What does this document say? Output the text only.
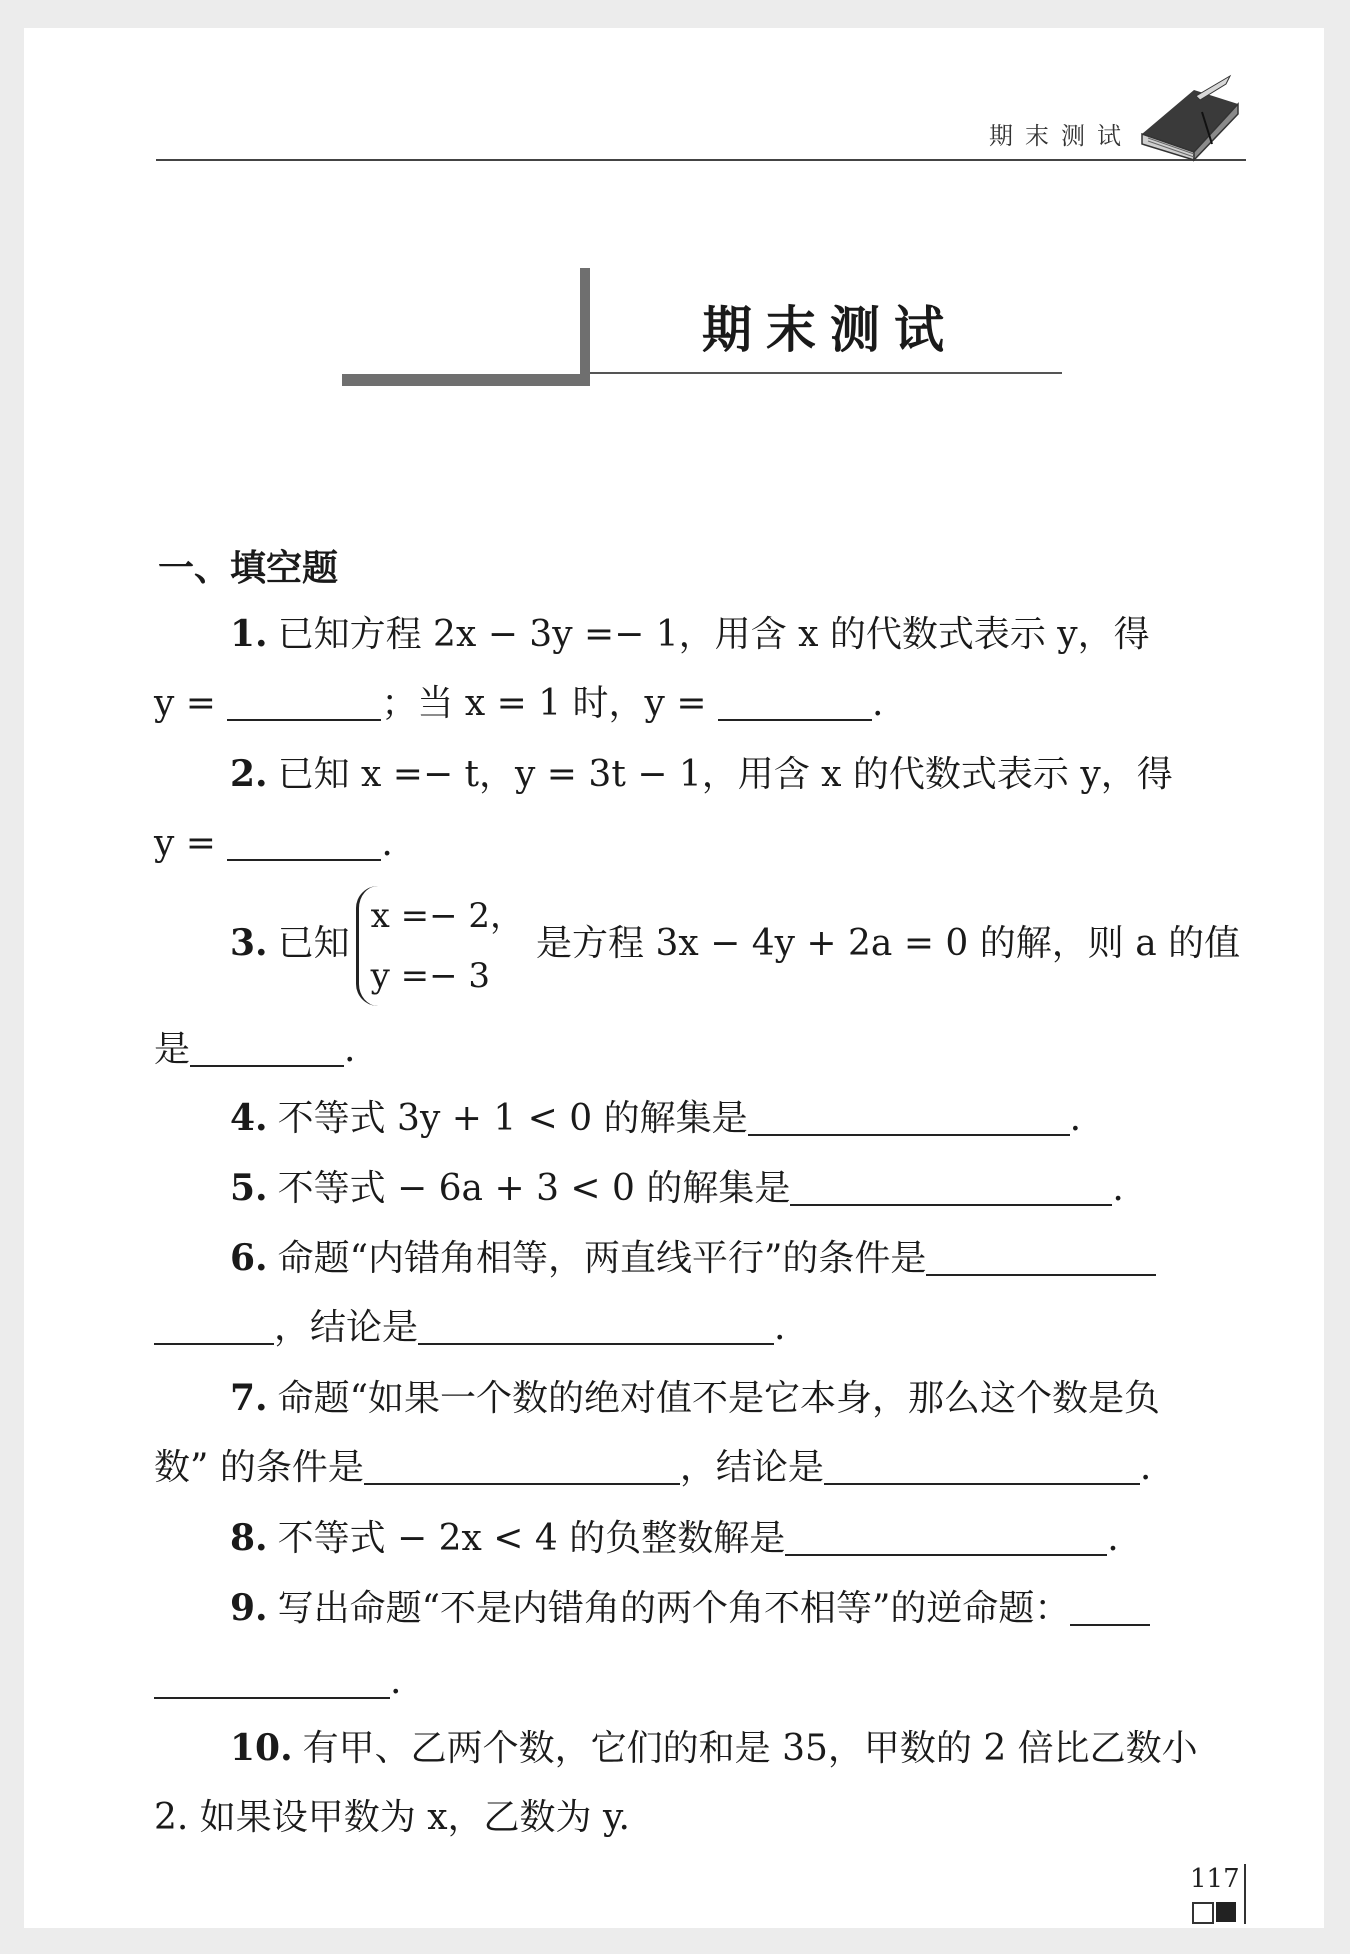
期末测试
期末测试
一、填空题
1. 已知方程 2x − 3y =− 1，用含 x 的代数式表示 y，得
y =	；当 x = 1 时，y =	.
2. 已知 x =− t，y = 3t − 1，用含 x 的代数式表示 y，得
y =	.
3. 已知
x =− 2，
y =− 3
是方程 3x − 4y + 2a = 0 的解，则 a 的值
是	.
4. 不等式 3y + 1 < 0 的解集是	.
5. 不等式 − 6a + 3 < 0 的解集是	.
6. 命题“内错角相等，两直线平行”的条件是
，结论是	.
7. 命题“如果一个数的绝对值不是它本身，那么这个数是负
数” 的条件是	，结论是	.
8. 不等式 − 2x < 4 的负整数解是	.
9. 写出命题“不是内错角的两个角不相等”的逆命题：
.
10. 有甲、乙两个数，它们的和是 35，甲数的 2 倍比乙数小
2. 如果设甲数为 x，乙数为 y.
117
